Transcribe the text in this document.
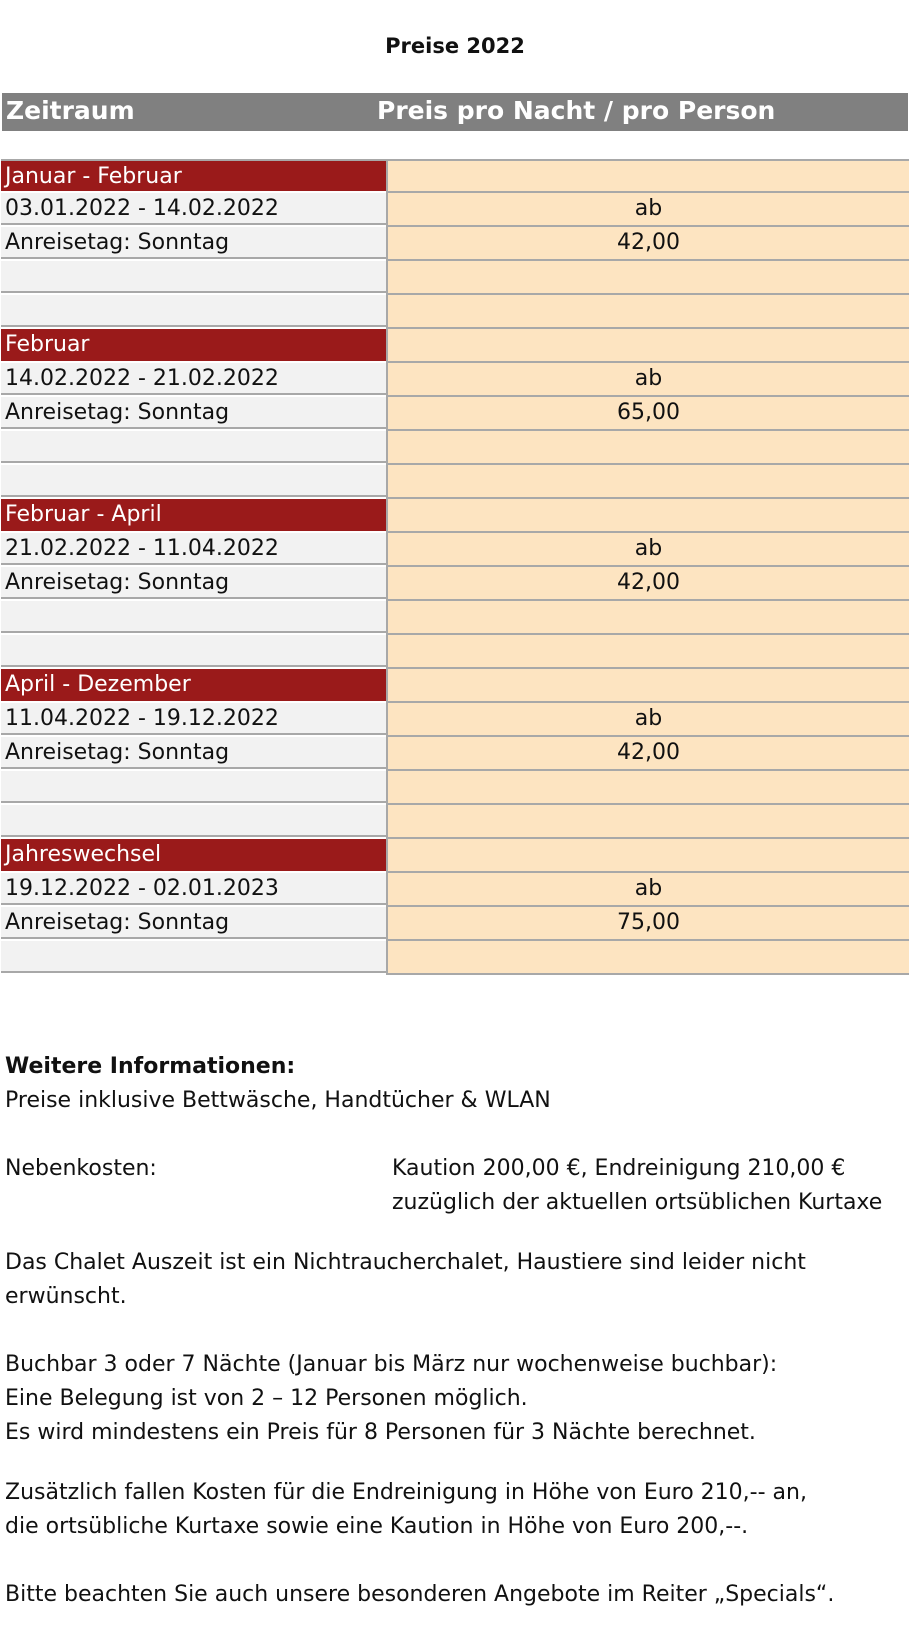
Preise 2022
Zeitraum	Preis pro Nacht / pro Person
Januar - Februar
03.01.2022 - 14.02.2022	ab
Anreisetag: Sonntag	42,00
Februar
14.02.2022 - 21.02.2022	ab
Anreisetag: Sonntag	65,00
Februar - April
21.02.2022 - 11.04.2022	ab
Anreisetag: Sonntag	42,00
April - Dezember
11.04.2022 - 19.12.2022	ab
Anreisetag: Sonntag	42,00
Jahreswechsel
19.12.2022 - 02.01.2023	ab
Anreisetag: Sonntag	75,00

Weitere Informationen:

Preise inklusive Bettwäsche, Handtücher & WLAN

Nebenkosten:	Kaution 200,00 €, Endreinigung 210,00 €

zuzüglich der aktuellen ortsüblichen Kurtaxe

Das Chalet Auszeit ist ein Nichtraucherchalet, Haustiere sind leider nicht erwünscht.

Buchbar 3 oder 7 Nächte (Januar bis März nur wochenweise buchbar):

Eine Belegung ist von 2 – 12 Personen möglich.

Es wird mindestens ein Preis für 8 Personen für 3 Nächte berechnet.

Zusätzlich fallen Kosten für die Endreinigung in Höhe von Euro 210,-- an,

die ortsübliche Kurtaxe sowie eine Kaution in Höhe von Euro 200,--.

Bitte beachten Sie auch unsere besonderen Angebote im Reiter „Specials“.
